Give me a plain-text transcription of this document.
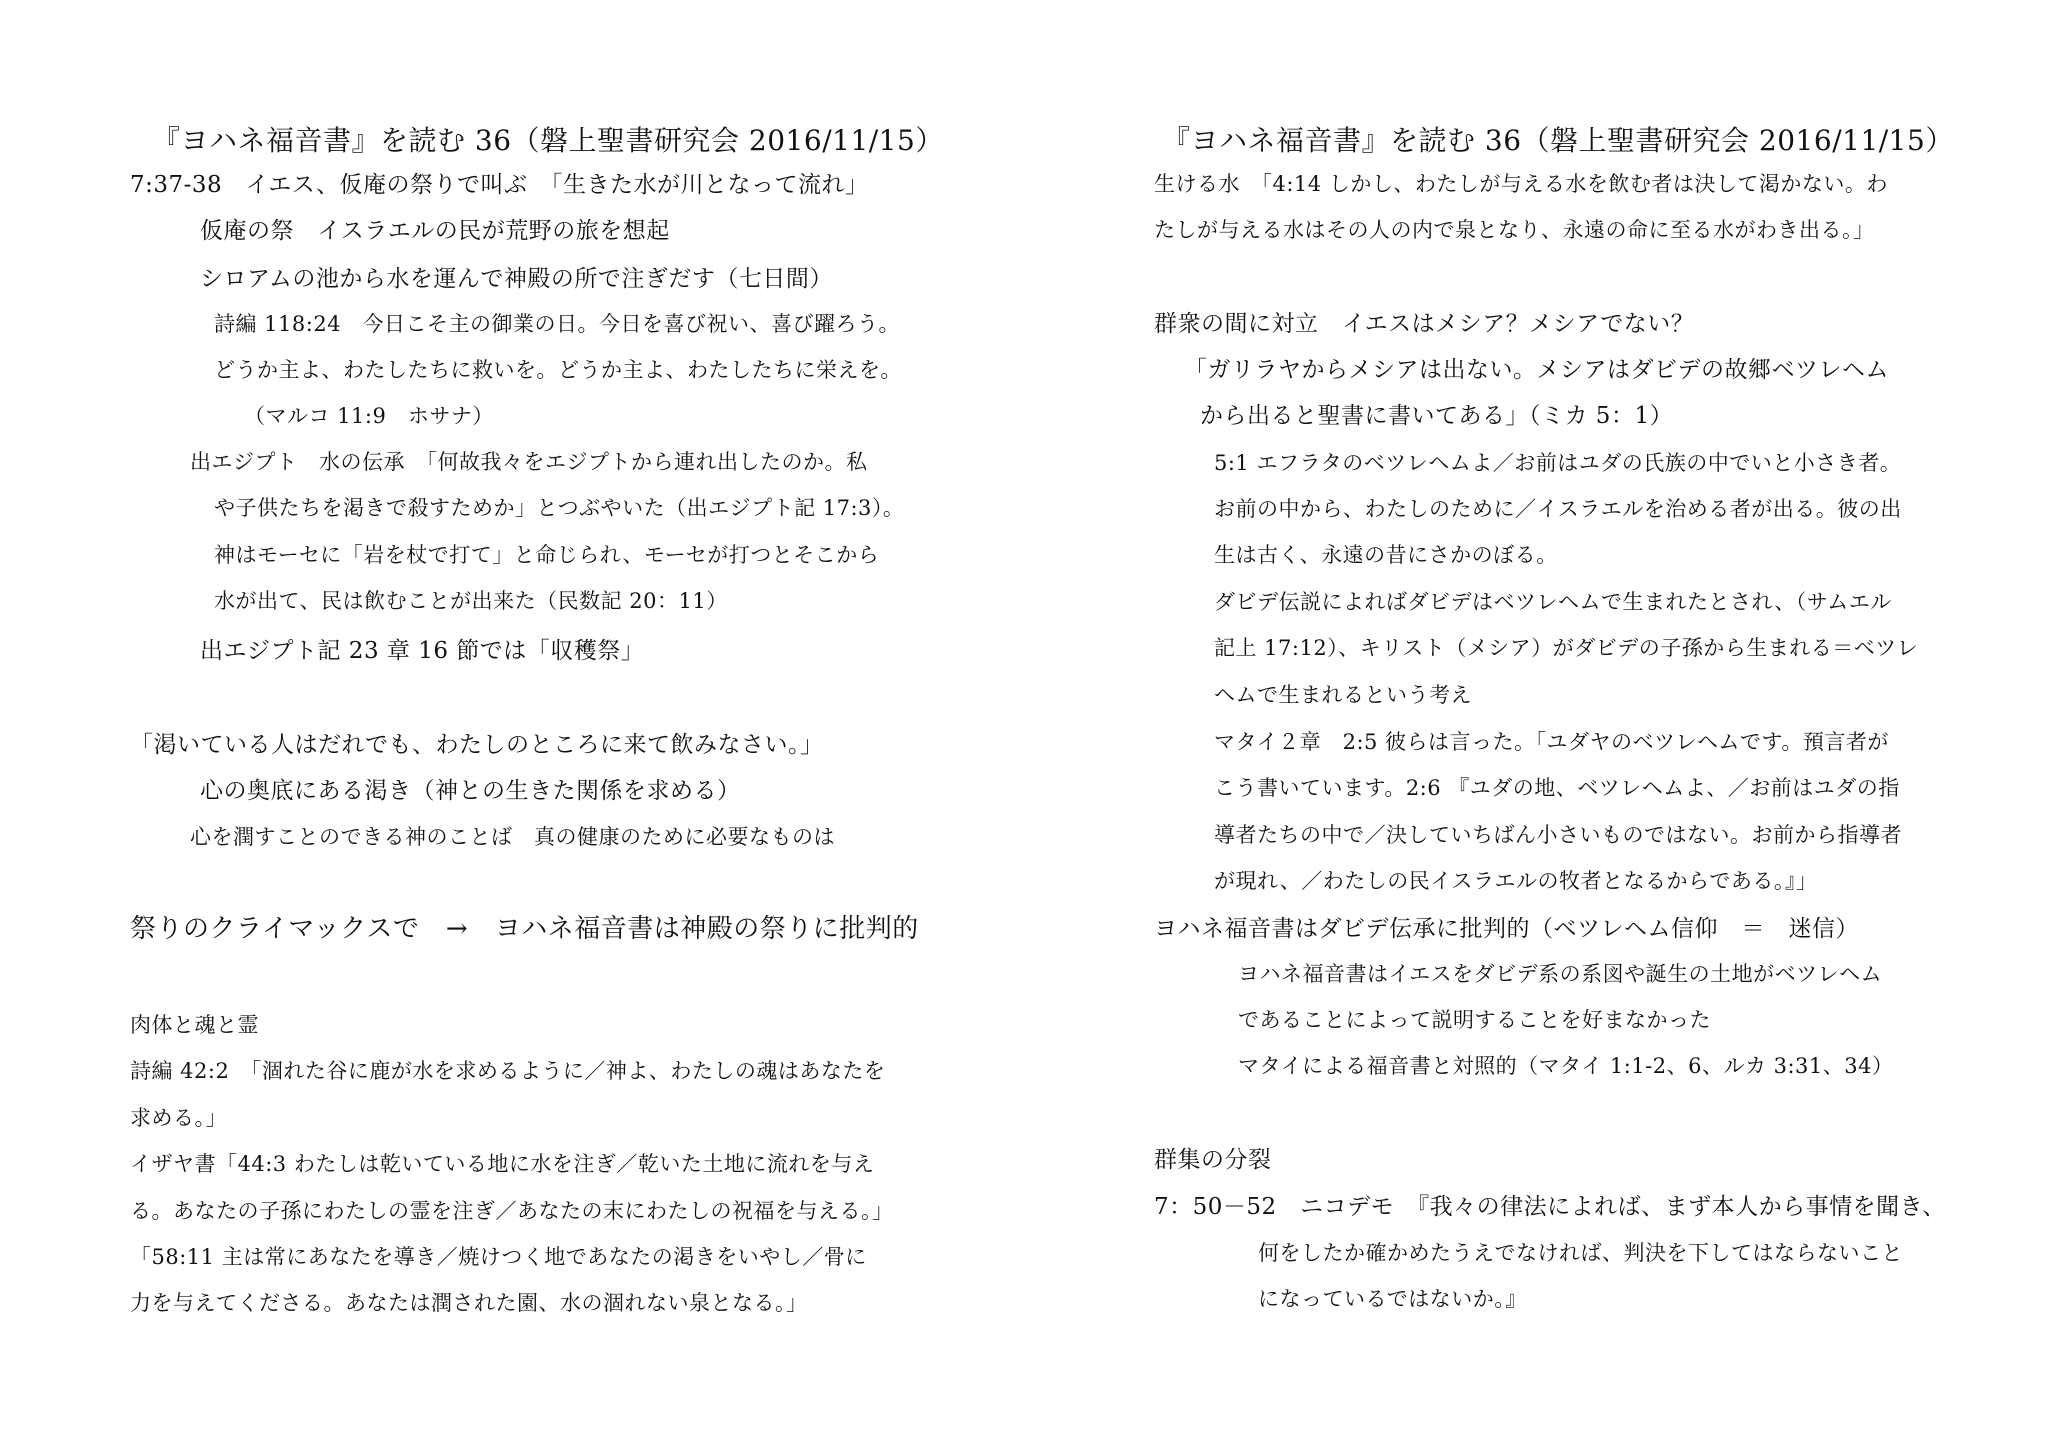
『ヨハネ福音書』を読む 36（磐上聖書研究会 2016/11/15）
7:37-38　イエス、仮庵の祭りで叫ぶ　「生きた水が川となって流れ」
仮庵の祭　イスラエルの民が荒野の旅を想起
シロアムの池から水を運んで神殿の所で注ぎだす（七日間）
詩編 118:24　今日こそ主の御業の日。今日を喜び祝い、喜び躍ろう。
どうか主よ、わたしたちに救いを。どうか主よ、わたしたちに栄えを。
（マルコ 11:9　ホサナ）
出エジプト　水の伝承　「何故我々をエジプトから連れ出したのか。私
や子供たちを渇きで殺すためか」とつぶやいた（出エジプト記 17:3）。
神はモーセに「岩を杖で打て」と命じられ、モーセが打つとそこから
水が出て、民は飲むことが出来た（民数記 20：11）
出エジプト記 23 章 16 節では「収穫祭」
「渇いている人はだれでも、わたしのところに来て飲みなさい。」
心の奥底にある渇き（神との生きた関係を求める）
心を潤すことのできる神のことば　真の健康のために必要なものは
祭りのクライマックスで　→　ヨハネ福音書は神殿の祭りに批判的
肉体と魂と霊
詩編 42:2　「涸れた谷に鹿が水を求めるように／神よ、わたしの魂はあなたを
求める。」
イザヤ書「44:3 わたしは乾いている地に水を注ぎ／乾いた土地に流れを与え
る。あなたの子孫にわたしの霊を注ぎ／あなたの末にわたしの祝福を与える。」
「58:11 主は常にあなたを導き／焼けつく地であなたの渇きをいやし／骨に
力を与えてくださる。あなたは潤された園、水の涸れない泉となる。」
『ヨハネ福音書』を読む 36（磐上聖書研究会 2016/11/15）
生ける水　「4:14 しかし、わたしが与える水を飲む者は決して渇かない。わ
たしが与える水はその人の内で泉となり、永遠の命に至る水がわき出る。」
群衆の間に対立　イエスはメシア？メシアでない？
「ガリラヤからメシアは出ない。メシアはダビデの故郷ベツレヘム
から出ると聖書に書いてある」（ミカ 5：1）
5:1 エフラタのベツレヘムよ／お前はユダの氏族の中でいと小さき者。
お前の中から、わたしのために／イスラエルを治める者が出る。彼の出
生は古く、永遠の昔にさかのぼる。
ダビデ伝説によればダビデはベツレヘムで生まれたとされ、（サムエル
記上 17:12）、キリスト（メシア）がダビデの子孫から生まれる＝ベツレ
ヘムで生まれるという考え
マタイ２章　2:5 彼らは言った。「ユダヤのベツレヘムです。預言者が
こう書いています。2:6 『ユダの地、ベツレヘムよ、／お前はユダの指
導者たちの中で／決していちばん小さいものではない。お前から指導者
が現れ、／わたしの民イスラエルの牧者となるからである。』」
ヨハネ福音書はダビデ伝承に批判的（ベツレヘム信仰　＝　迷信）
ヨハネ福音書はイエスをダビデ系の系図や誕生の土地がベツレヘム
であることによって説明することを好まなかった
マタイによる福音書と対照的（マタイ 1:1-2、6、ルカ 3:31、34）
群集の分裂
7：50－52　ニコデモ　『我々の律法によれば、まず本人から事情を聞き、
何をしたか確かめたうえでなければ、判決を下してはならないこと
になっているではないか。』
